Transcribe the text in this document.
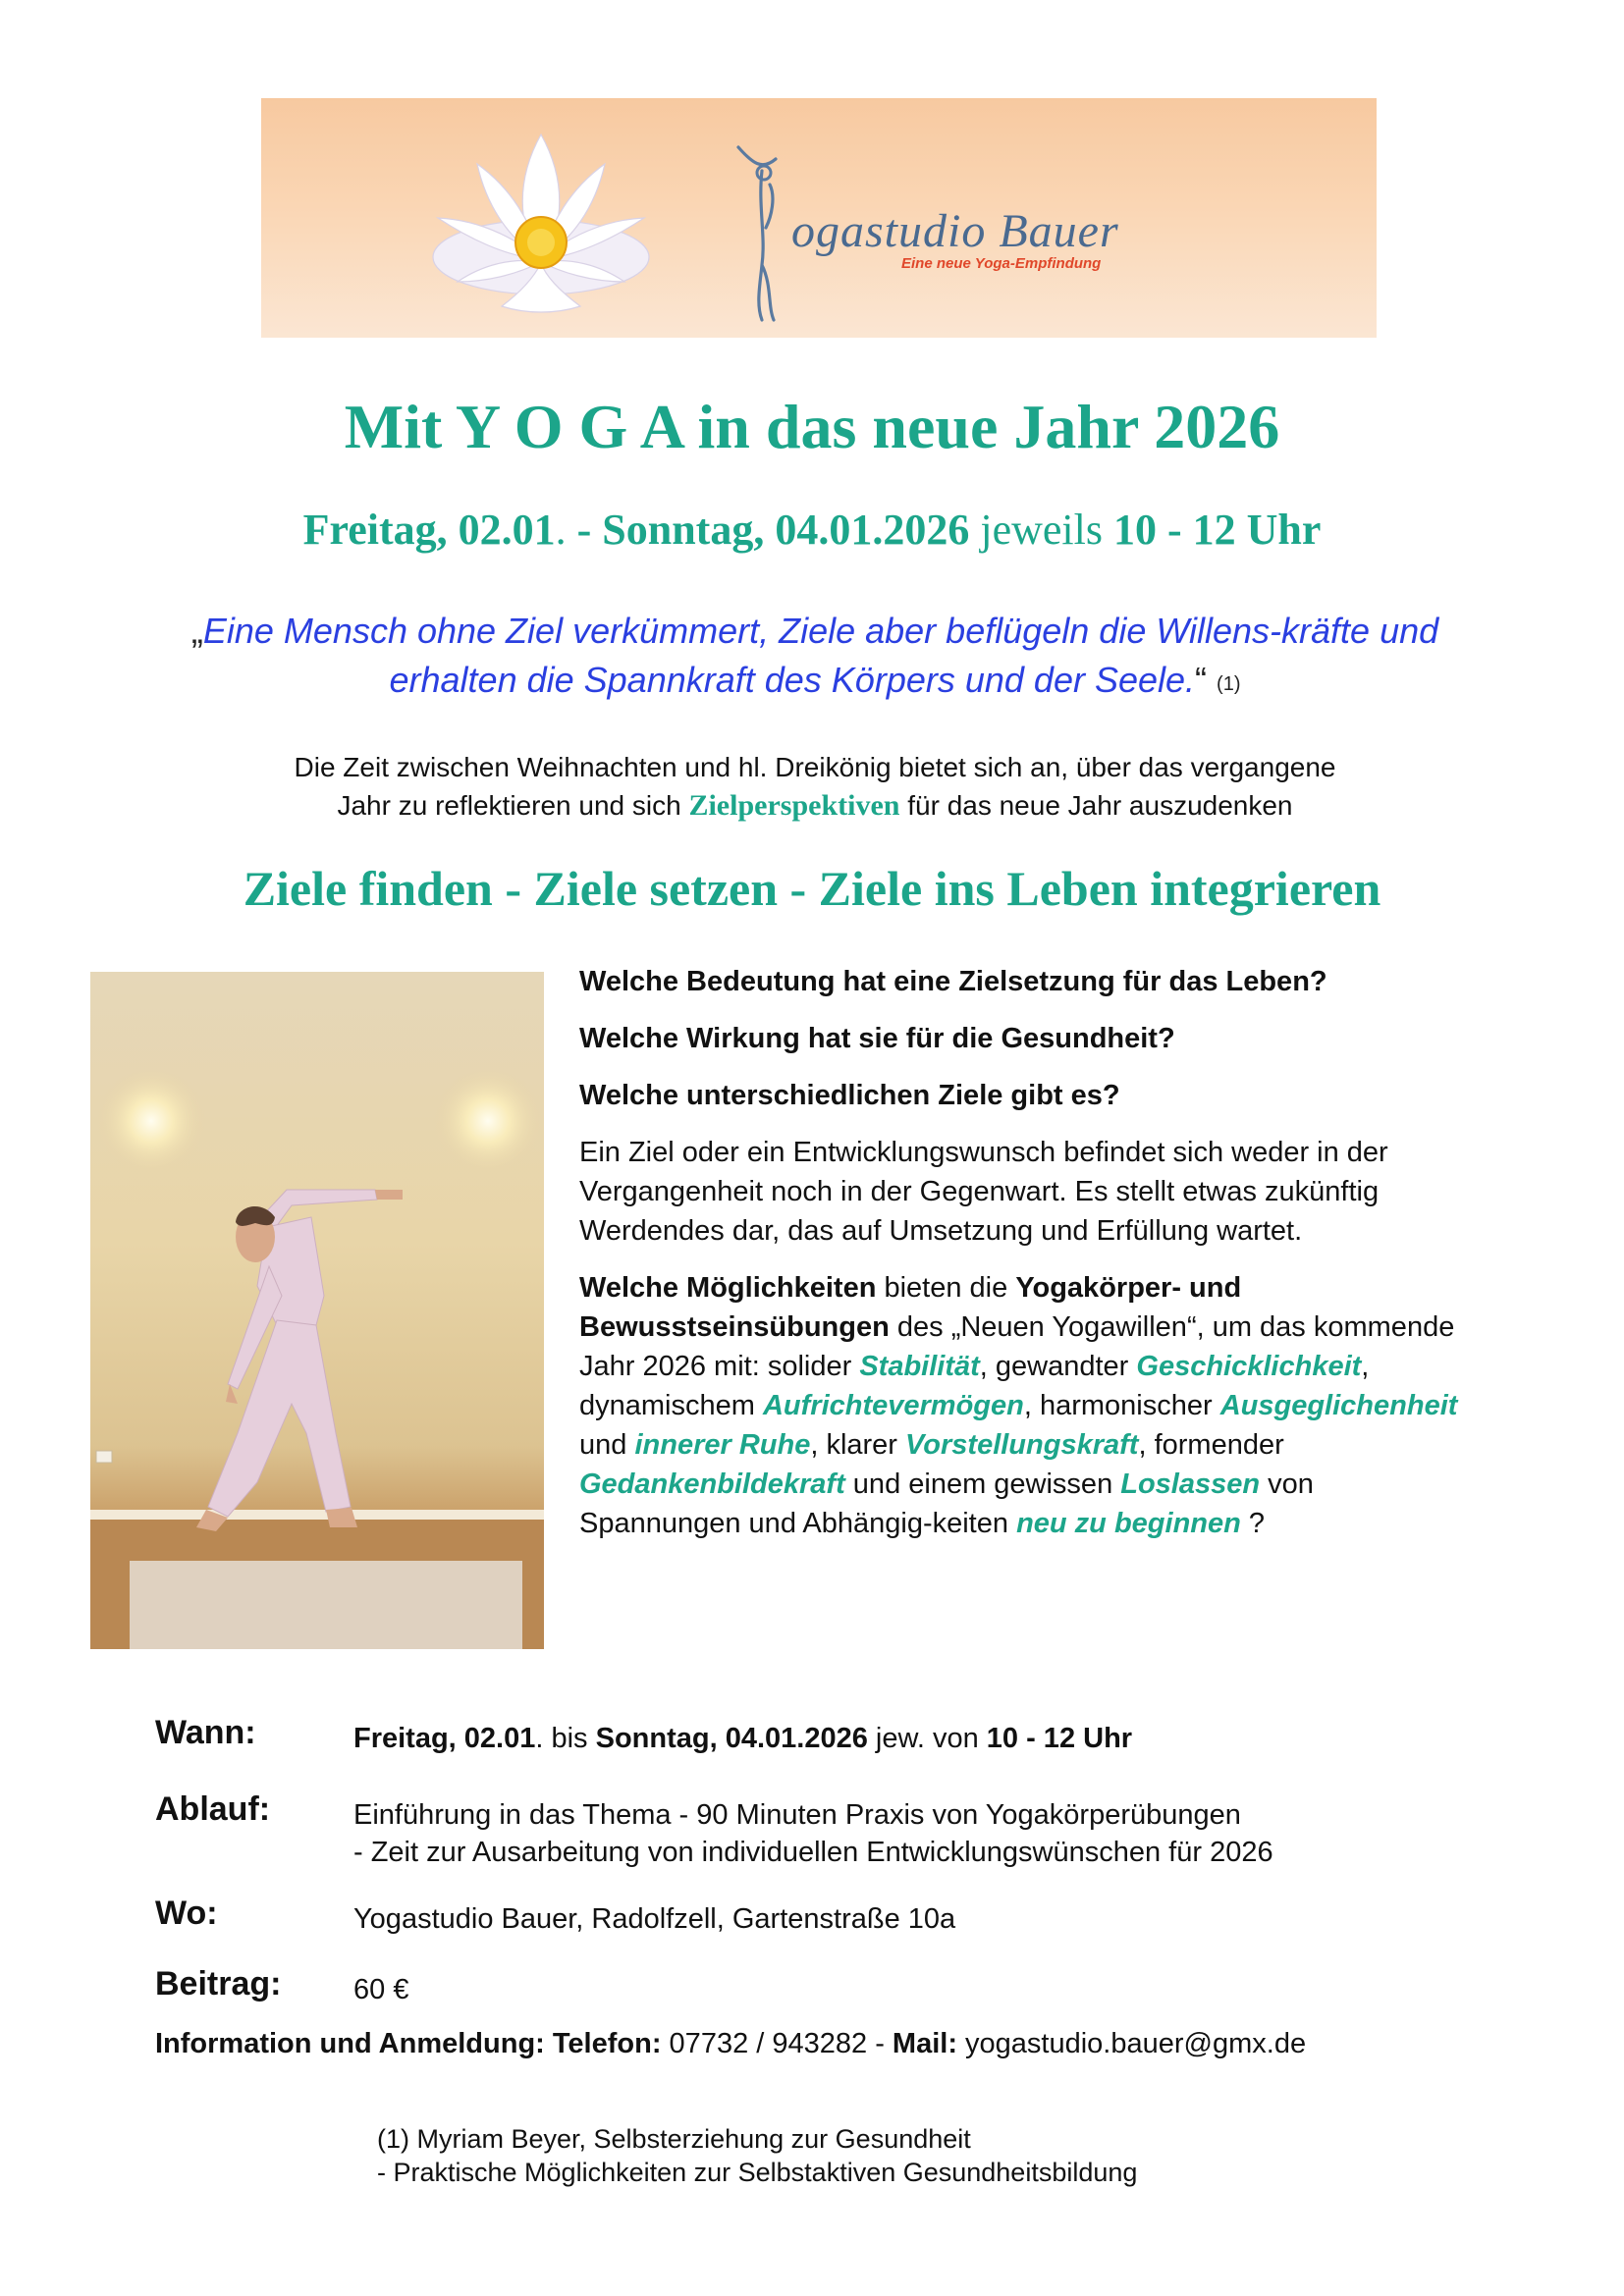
ogastudio Bauer
Eine neue Yoga-Empfindung
Mit Y O G A in das neue Jahr 2026
Freitag, 02.01. - Sonntag, 04.01.2026 jeweils 10 - 12 Uhr
„Eine Mensch ohne Ziel verkümmert, Ziele aber beflügeln die Willens-kräfte und erhalten die Spannkraft des Körpers und der Seele.“ (1)
Die Zeit zwischen Weihnachten und hl. Dreikönig bietet sich an, über das vergangene
Jahr zu reflektieren und sich Zielperspektiven für das neue Jahr auszudenken
Ziele finden - Ziele setzen - Ziele ins Leben integrieren
Welche Bedeutung hat eine Zielsetzung für das Leben?
Welche Wirkung hat sie für die Gesundheit?
Welche unterschiedlichen Ziele gibt es?
Ein Ziel oder ein Entwicklungswunsch befindet sich weder in der Vergangenheit noch in der Gegenwart. Es stellt etwas zukünftig Werdendes dar, das auf Umsetzung und Erfüllung wartet.
Welche Möglichkeiten bieten die Yogakörper- und Bewusstseinsübungen des „Neuen Yogawillen“, um das kommende Jahr 2026 mit: solider Stabilität, gewandter Geschicklichkeit, dynamischem Aufrichtevermögen, harmonischer Ausgeglichenheit und innerer Ruhe, klarer Vorstellungskraft, formender Gedankenbildekraft und einem gewissen Loslassen von Spannungen und Abhängig-keiten neu zu beginnen ?
Wann:	Freitag, 02.01. bis Sonntag, 04.01.2026 jew. von 10 - 12 Uhr
Ablauf:	Einführung in das Thema - 90 Minuten Praxis von Yogakörperübungen
- Zeit zur Ausarbeitung von individuellen Entwicklungswünschen für 2026
Wo:	Yogastudio Bauer, Radolfzell, Gartenstraße 10a
Beitrag:	60 €
Information und Anmeldung: Telefon: 07732 / 943282 - Mail: yogastudio.bauer@gmx.de
(1) Myriam Beyer, Selbsterziehung zur Gesundheit
- Praktische Möglichkeiten zur Selbstaktiven Gesundheitsbildung
